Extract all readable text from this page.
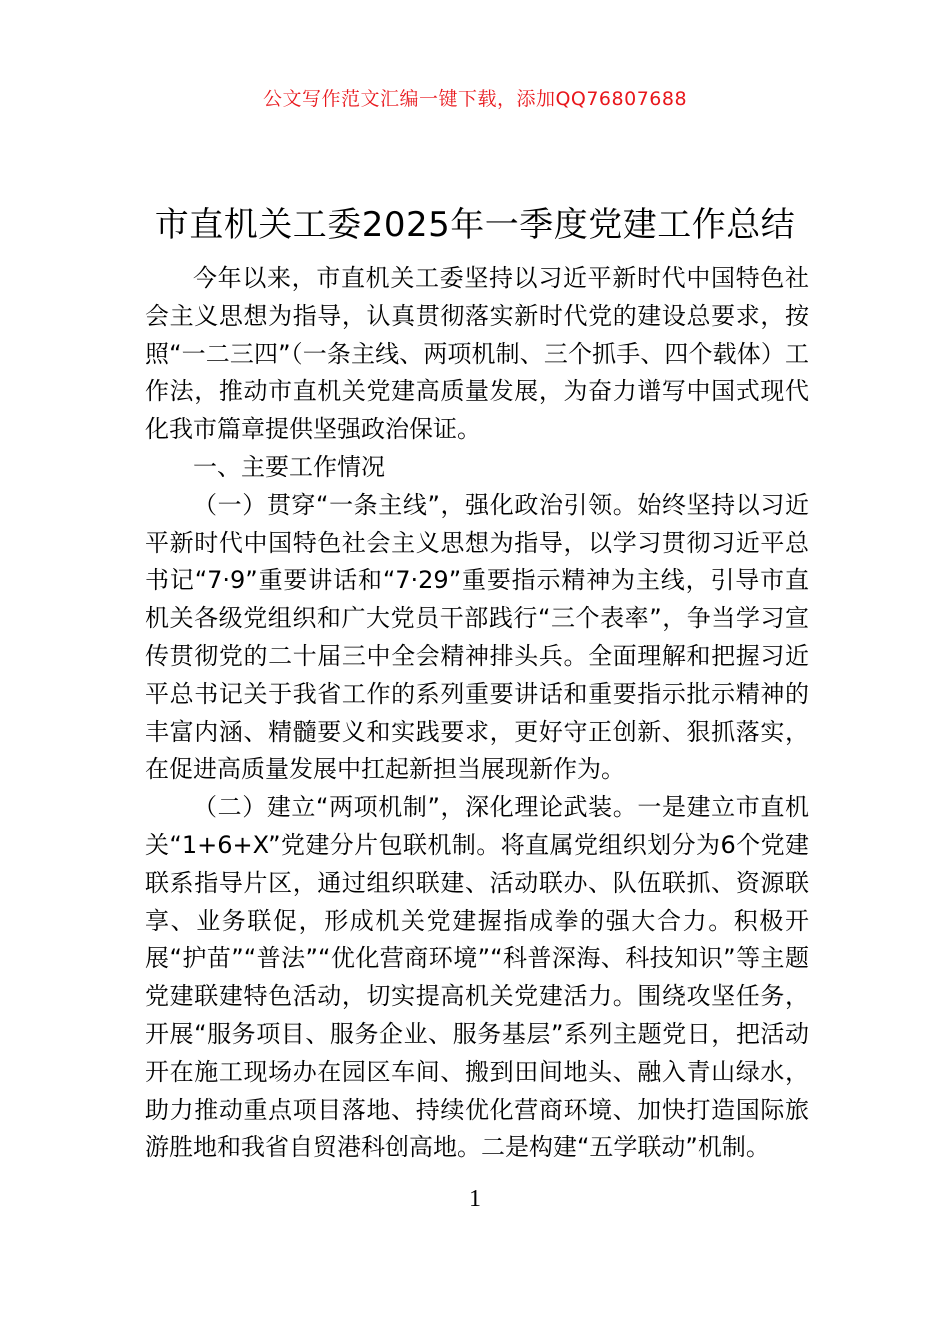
公文写作范文汇编一键下载，添加QQ76807688
市直机关工委2025年一季度党建工作总结

今年以来，市直机关工委坚持以习近平新时代中国特色社会主义思想为指导，认真贯彻落实新时代党的建设总要求，按照“一二三四”（一条主线、两项机制、三个抓手、四个载体）工作法，推动市直机关党建高质量发展，为奋力谱写中国式现代化我市篇章提供坚强政治保证。

一、主要工作情况

（一）贯穿“一条主线”，强化政治引领。始终坚持以习近平新时代中国特色社会主义思想为指导，以学习贯彻习近平总书记“7·9”重要讲话和“7·29”重要指示精神为主线，引导市直机关各级党组织和广大党员干部践行“三个表率”，争当学习宣传贯彻党的二十届三中全会精神排头兵。全面理解和把握习近平总书记关于我省工作的系列重要讲话和重要指示批示精神的丰富内涵、精髓要义和实践要求，更好守正创新、狠抓落实，在促进高质量发展中扛起新担当展现新作为。

（二）建立“两项机制”，深化理论武装。一是建立市直机关“1+6+X”党建分片包联机制。将直属党组织划分为6个党建联系指导片区，通过组织联建、活动联办、队伍联抓、资源联享、业务联促，形成机关党建握指成拳的强大合力。积极开展“护苗”“普法”“优化营商环境”“科普深海、科技知识”等主题党建联建特色活动，切实提高机关党建活力。围绕攻坚任务，开展“服务项目、服务企业、服务基层”系列主题党日，把活动开在施工现场办在园区车间、搬到田间地头、融入青山绿水，助力推动重点项目落地、持续优化营商环境、加快打造国际旅游胜地和我省自贸港科创高地。二是构建“五学联动”机制。

1
